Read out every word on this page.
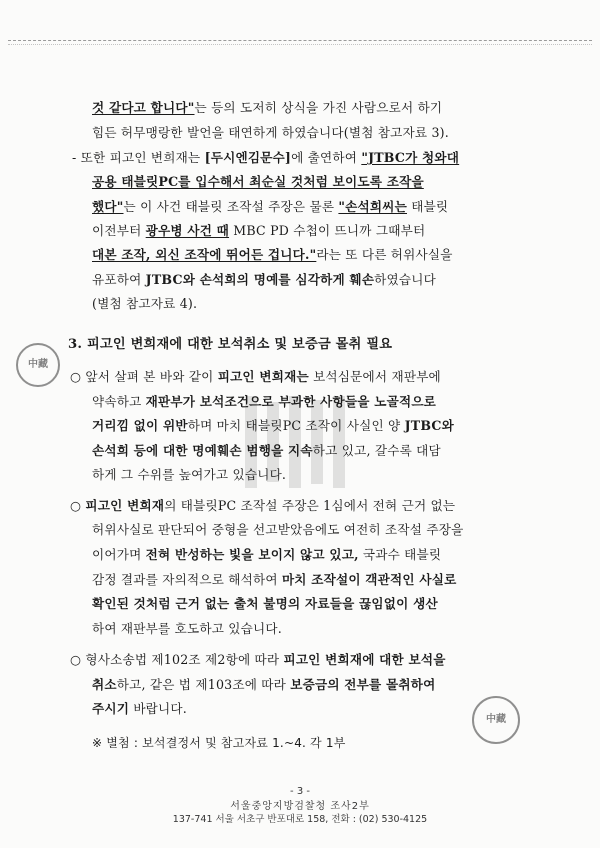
것 같다고 합니다"는 등의 도저히 상식을 가진 사람으로서 하기
힘든 허무맹랑한 발언을 태연하게 하였습니다(별첨 참고자료 3).
- 또한 피고인 변희재는 [두시엔김문수]에 출연하여 "JTBC가 청와대
공용 태블릿PC를 입수해서 최순실 것처럼 보이도록 조작을
했다"는 이 사건 태블릿 조작설 주장은 물론 "손석희씨는 태블릿
이전부터 광우병 사건 때 MBC PD 수첩이 뜨니까 그때부터
대본 조작, 외신 조작에 뛰어든 겁니다."라는 또 다른 허위사실을
유포하여 JTBC와 손석희의 명예를 심각하게 훼손하였습니다
(별첨 참고자료 4).
3. 피고인 변희재에 대한 보석취소 및 보증금 몰취 필요
中藏
○ 앞서 살펴 본 바와 같이 피고인 변희재는 보석심문에서 재판부에
약속하고 재판부가 보석조건으로 부과한 사항들을 노골적으로
거리낌 없이 위반하며 마치 태블릿PC 조작이 사실인 양 JTBC와
손석희 등에 대한 명예훼손 범행을 지속하고 있고, 갈수록 대담
하게 그 수위를 높여가고 있습니다.
○ 피고인 변희재의 태블릿PC 조작설 주장은 1심에서 전혀 근거 없는
허위사실로 판단되어 중형을 선고받았음에도 여전히 조작설 주장을
이어가며 전혀 반성하는 빛을 보이지 않고 있고, 국과수 태블릿
감정 결과를 자의적으로 해석하여 마치 조작설이 객관적인 사실로
확인된 것처럼 근거 없는 출처 불명의 자료들을 끊임없이 생산
하여 재판부를 호도하고 있습니다.
○ 형사소송법 제102조 제2항에 따라 피고인 변희재에 대한 보석을
취소하고, 같은 법 제103조에 따라 보증금의 전부를 몰취하여
주시기 바랍니다.
中藏
※ 별첨 : 보석결정서 및 참고자료 1.~4. 각 1부
- 3 -
서울중앙지방검찰청 조사2부
137-741 서울 서초구 반포대로 158, 전화 : (02) 530-4125
